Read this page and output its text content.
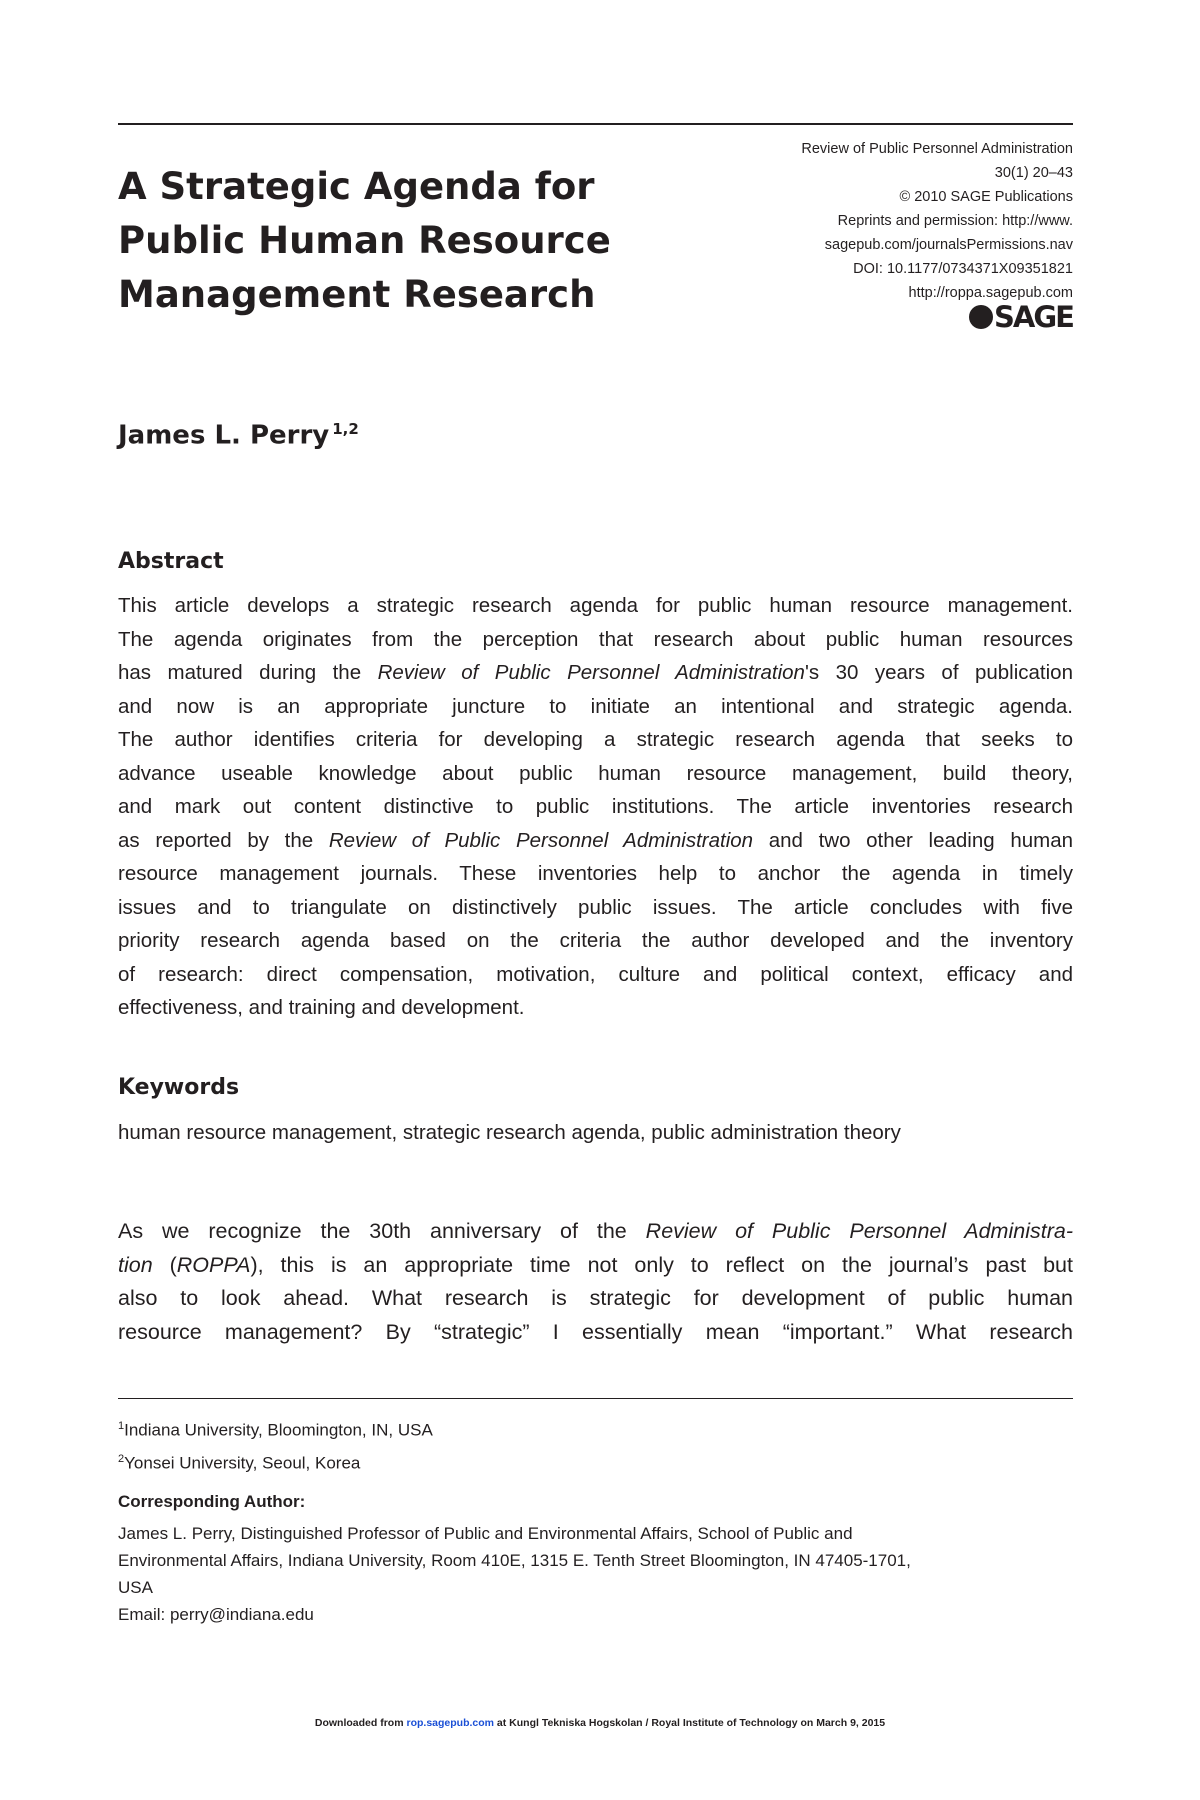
A Strategic Agenda for
Public Human Resource
Management Research
Review of Public Personnel Administration
30(1) 20–43
© 2010 SAGE Publications
Reprints and permission: http://www.
sagepub.com/journalsPermissions.nav
DOI: 10.1177/0734371X09351821
http://roppa.sagepub.com
SAGE
James L. Perry $^{1,2}$
Abstract
This article develops a strategic research agenda for public human resource management.
The agenda originates from the perception that research about public human resources
has matured during the Review of Public Personnel Administration's 30 years of publication
and now is an appropriate juncture to initiate an intentional and strategic agenda.
The author identifies criteria for developing a strategic research agenda that seeks to
advance useable knowledge about public human resource management, build theory,
and mark out content distinctive to public institutions. The article inventories research
as reported by the Review of Public Personnel Administration and two other leading human
resource management journals. These inventories help to anchor the agenda in timely
issues and to triangulate on distinctively public issues. The article concludes with five
priority research agenda based on the criteria the author developed and the inventory
of research: direct compensation, motivation, culture and political context, efficacy and
effectiveness, and training and development.
Keywords
human resource management, strategic research agenda, public administration theory
As we recognize the 30th anniversary of the Review of Public Personnel Administra-
tion (ROPPA), this is an appropriate time not only to reflect on the journal’s past but
also to look ahead. What research is strategic for development of public human
resource management? By “strategic” I essentially mean “important.” What research
$^1$Indiana University, Bloomington, IN, USA
$^2$Yonsei University, Seoul, Korea
Corresponding Author:
James L. Perry, Distinguished Professor of Public and Environmental Affairs, School of Public and
Environmental Affairs, Indiana University, Room 410E, 1315 E. Tenth Street Bloomington, IN 47405-1701,
USA
Email: perry@indiana.edu
Downloaded from rop.sagepub.com at Kungl Tekniska Hogskolan / Royal Institute of Technology on March 9, 2015
